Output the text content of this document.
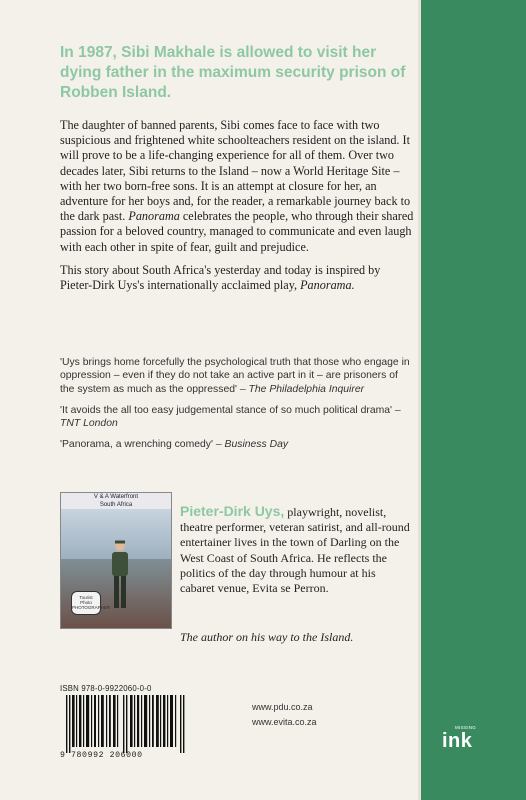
In 1987, Sibi Makhale is allowed to visit her dying father in the maximum security prison of Robben Island.

The daughter of banned parents, Sibi comes face to face with two suspicious and frightened white schoolteachers resident on the island. It will prove to be a life-changing experience for all of them. Over two decades later, Sibi returns to the Island – now a World Heritage Site – with her two born-free sons. It is an attempt at closure for her, an adventure for her boys and, for the reader, a remarkable journey back to the dark past. Panorama celebrates the people, who through their shared passion for a beloved country, managed to communicate and even laugh with each other in spite of fear, guilt and prejudice.

This story about South Africa's yesterday and today is inspired by Pieter-Dirk Uys's internationally acclaimed play, Panorama.

'Uys brings home forcefully the psychological truth that those who engage in oppression – even if they do not take an active part in it – are prisoners of the system as much as the oppressed' – The Philadelphia Inquirer

'It avoids the all too easy judgemental stance of so much political drama' – TNT London

'Panorama, a wrenching comedy' – Business Day

V & A Waterfront
South Africa
Tourist
Photo
PHOTOGRAPHER
Pieter-Dirk Uys, playwright, novelist, theatre performer, veteran satirist, and all-round entertainer lives in the town of Darling on the West Coast of South Africa. He reflects the politics of the day through humour at his cabaret venue, Evita se Perron.
The author on his way to the Island.
ISBN 978-0-9922060-0-0
9 780992 206000
www.pdu.co.za
www.evita.co.za
MISSING
ink
